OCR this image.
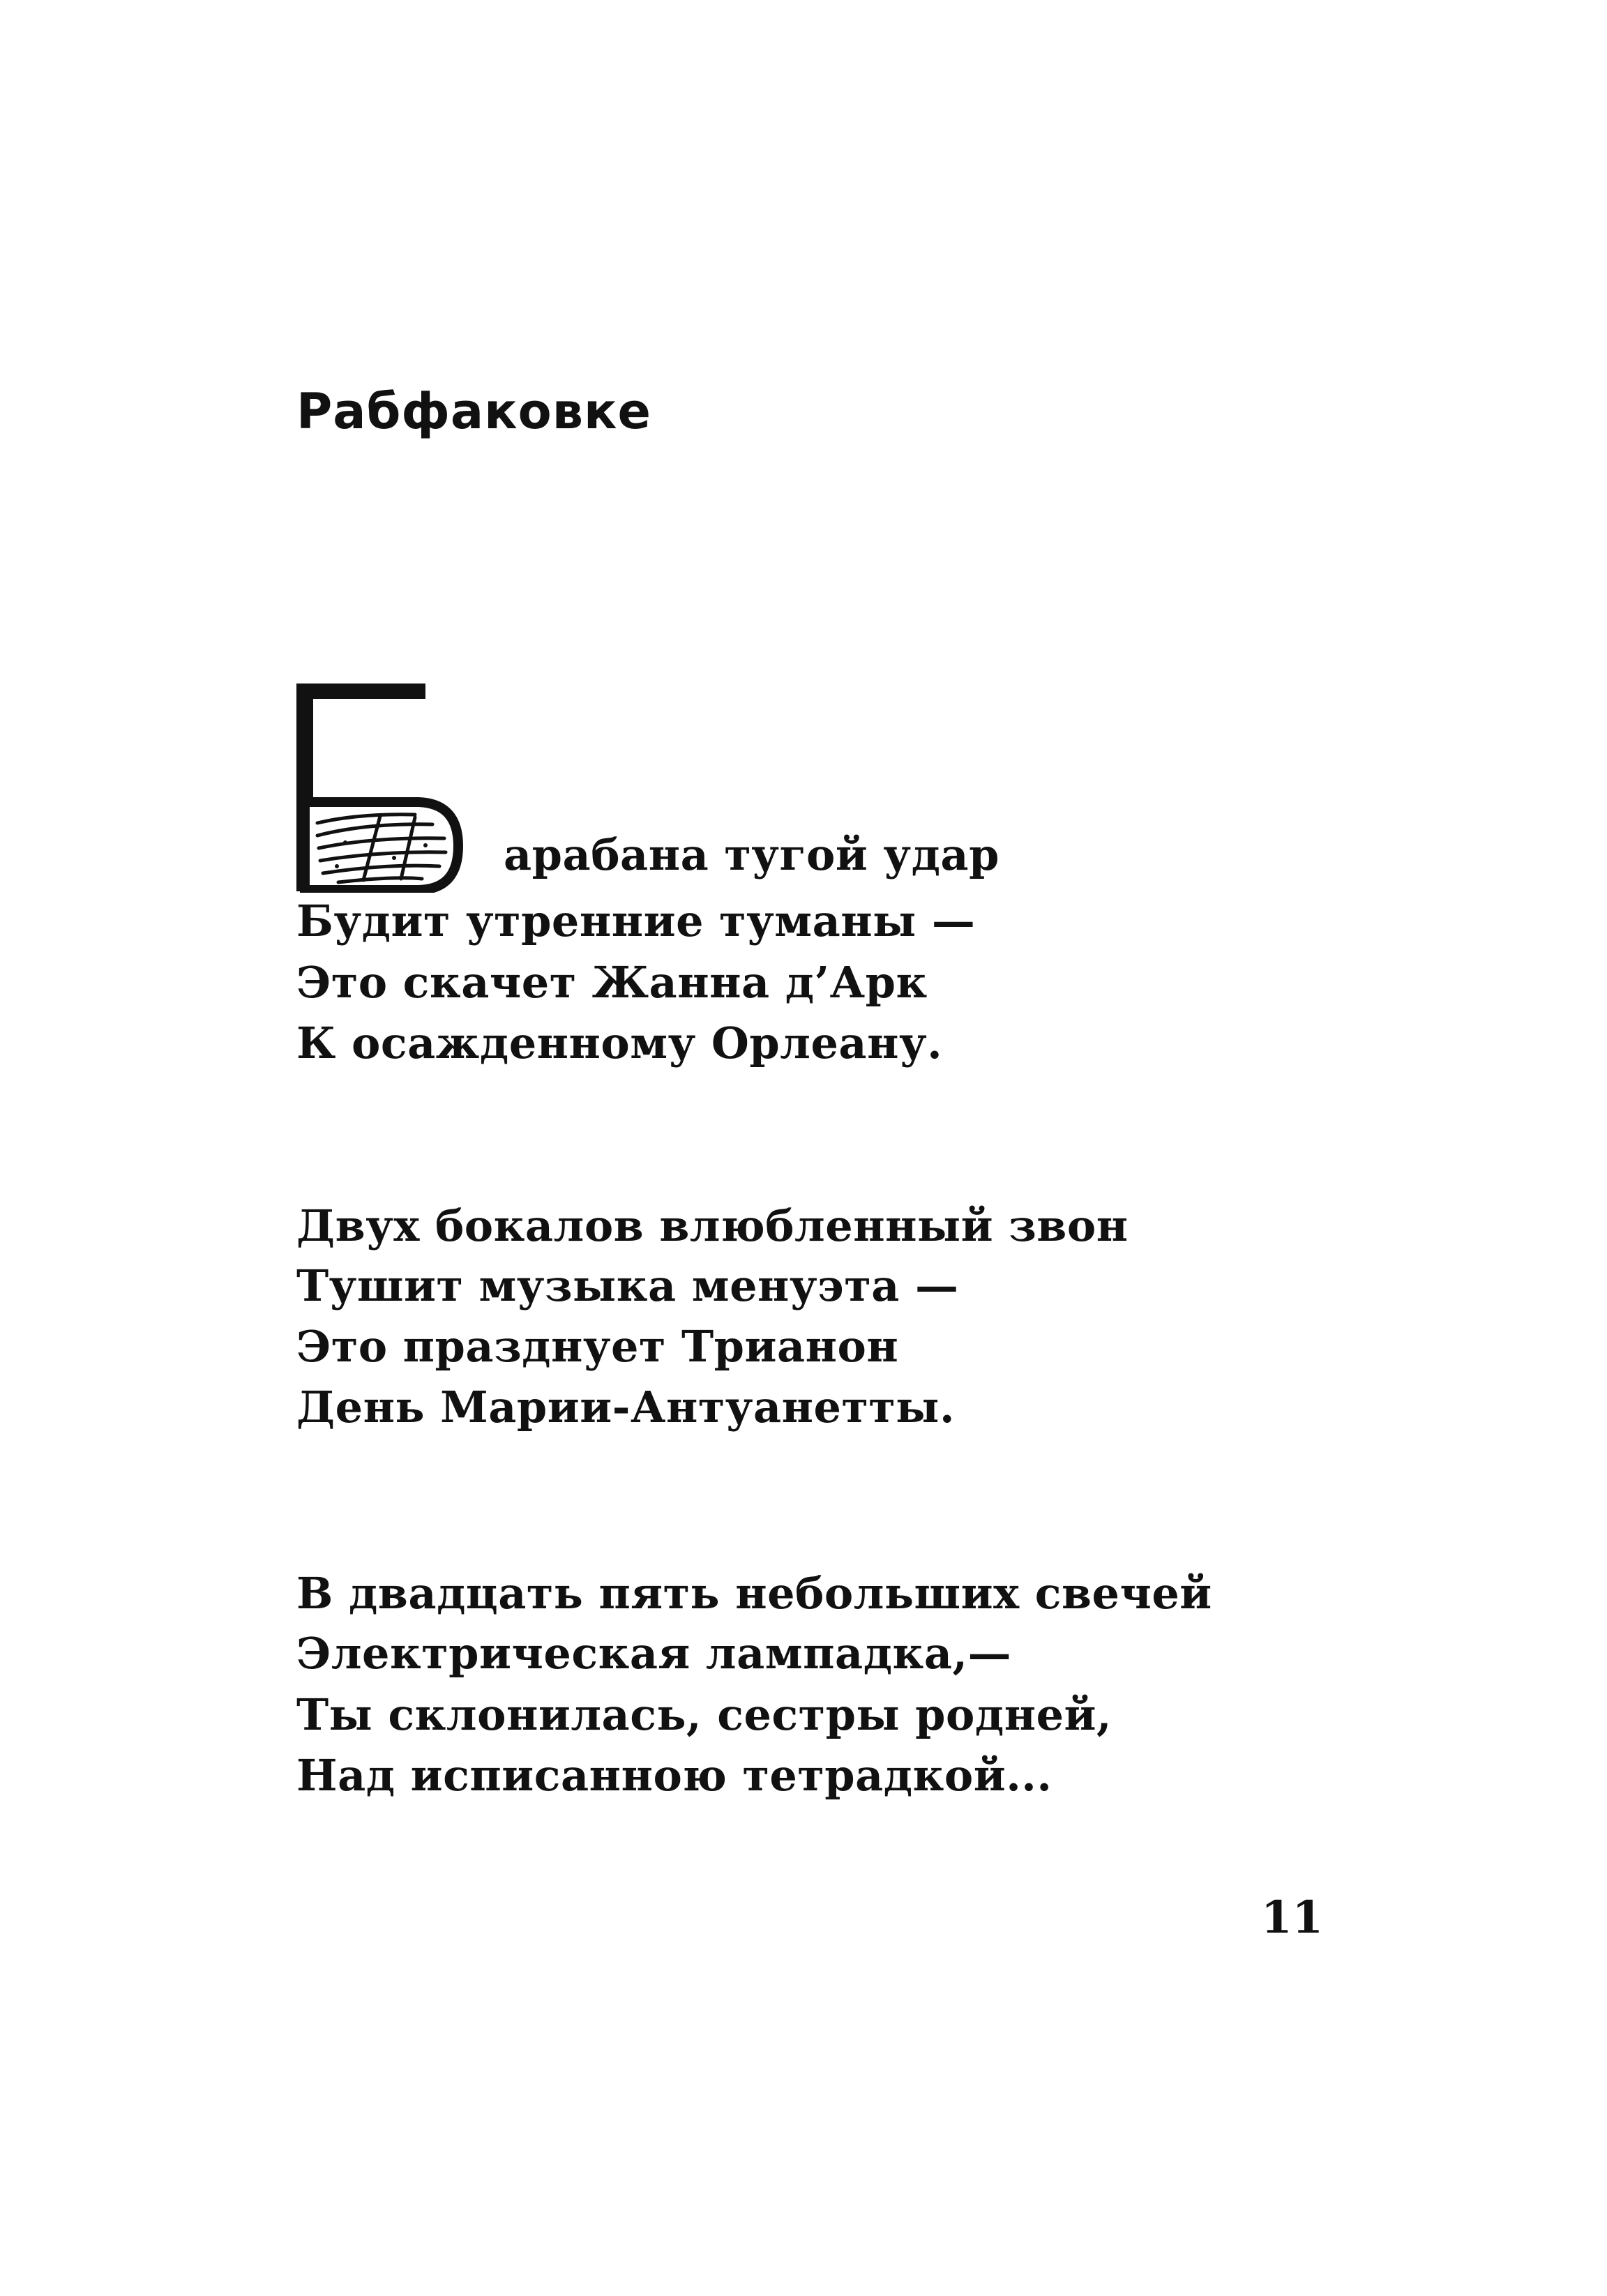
Рабфаковке
арабана тугой удар
Будит утренние туманы —
Это скачет Жанна д’Арк
К осажденному Орлеану.
Двух бокалов влюбленный звон
Тушит музыка менуэта —
Это празднует Трианон
День Марии-Антуанетты.
В двадцать пять небольших свечей
Электрическая лампадка,—
Ты склонилась, сестры родней,
Над исписанною тетрадкой...
11
